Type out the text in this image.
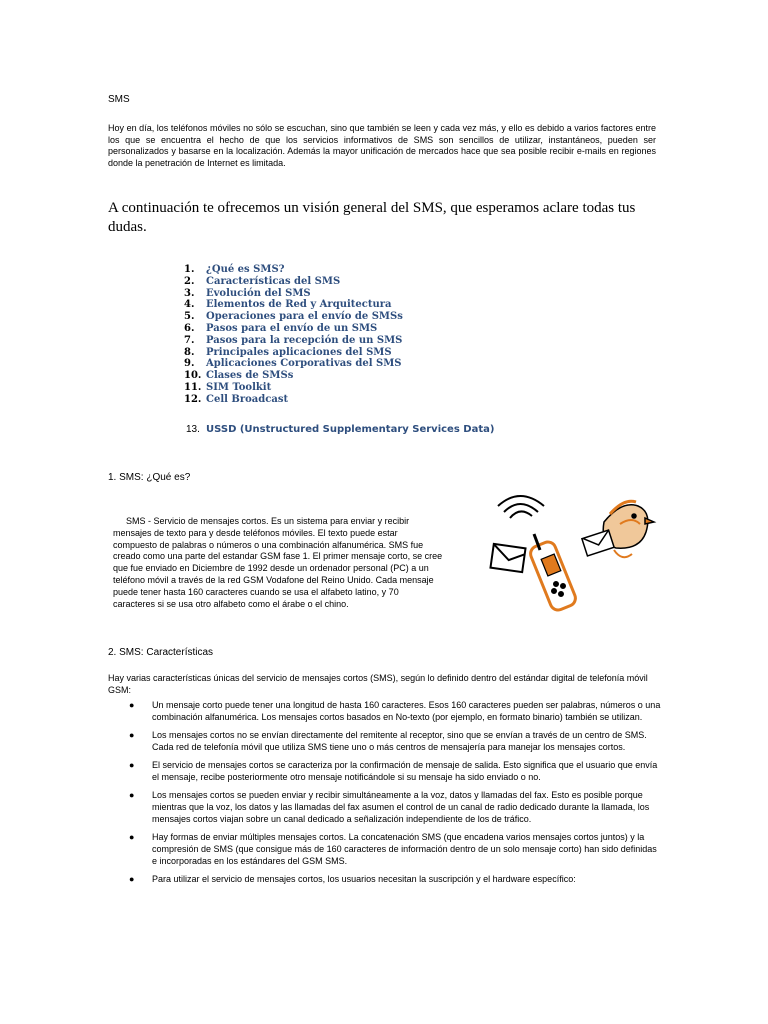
SMS
Hoy en día, los teléfonos móviles no sólo se escuchan, sino que también se leen y cada vez más, y ello es debido a varios factores entre los que se encuentra el hecho de que los servicios informativos de SMS son sencillos de utilizar, instantáneos, pueden ser personalizados y basarse en la localización. Además la mayor unificación de mercados hace que sea posible recibir e-mails en regiones donde la penetración de Internet es limitada.
A continuación te ofrecemos un visión general del SMS, que esperamos aclare todas tus dudas.
1. ¿Qué es SMS?
2. Características del SMS
3. Evolución del SMS
4. Elementos de Red y Arquitectura
5. Operaciones para el envío de SMSs
6. Pasos para el envío de un SMS
7. Pasos para la recepción de un SMS
8. Principales aplicaciones del SMS
9. Aplicaciones Corporativas del SMS
10. Clases de SMSs
11. SIM Toolkit
12. Cell Broadcast
13. USSD (Unstructured Supplementary Services Data)
1. SMS: ¿Qué es?
SMS - Servicio de mensajes cortos. Es un sistema para enviar y recibir mensajes de texto para y desde teléfonos móviles. El texto puede estar compuesto de palabras o números o una combinación alfanumérica. SMS fue creado como una parte del estandar GSM fase 1. El primer mensaje corto, se cree que fue enviado en Diciembre de 1992 desde un ordenador personal (PC) a un teléfono móvil a través de la red GSM Vodafone del Reino Unido. Cada mensaje puede tener hasta 160 caracteres cuando se usa el alfabeto latino, y 70 caracteres si se usa otro alfabeto como el árabe o el chino.
2. SMS: Características
Hay varias características únicas del servicio de mensajes cortos (SMS), según lo definido dentro del estándar digital de telefonía móvil GSM:
● Un mensaje corto puede tener una longitud de hasta 160 caracteres. Esos 160 caracteres pueden ser palabras, números o una combinación alfanumérica. Los mensajes cortos basados en No-texto (por ejemplo, en formato binario) también se utilizan.
● Los mensajes cortos no se envían directamente del remitente al receptor, sino que se envían a través de un centro de SMS. Cada red de telefonía móvil que utiliza SMS tiene uno o más centros de mensajería para manejar los mensajes cortos.
● El servicio de mensajes cortos se caracteriza por la confirmación de mensaje de salida. Esto significa que el usuario que envía el mensaje, recibe posteriormente otro mensaje notificándole si su mensaje ha sido enviado o no.
● Los mensajes cortos se pueden enviar y recibir simultáneamente a la voz, datos y llamadas del fax. Esto es posible porque mientras que la voz, los datos y las llamadas del fax asumen el control de un canal de radio dedicado durante la llamada, los mensajes cortos viajan sobre un canal dedicado a señalización independiente de los de tráfico.
● Hay formas de enviar múltiples mensajes cortos. La concatenación SMS (que encadena varios mensajes cortos juntos) y la compresión de SMS (que consigue más de 160 caracteres de información dentro de un solo mensaje corto) han sido definidas e incorporadas en los estándares del GSM SMS.
● Para utilizar el servicio de mensajes cortos, los usuarios necesitan la suscripción y el hardware específico:
